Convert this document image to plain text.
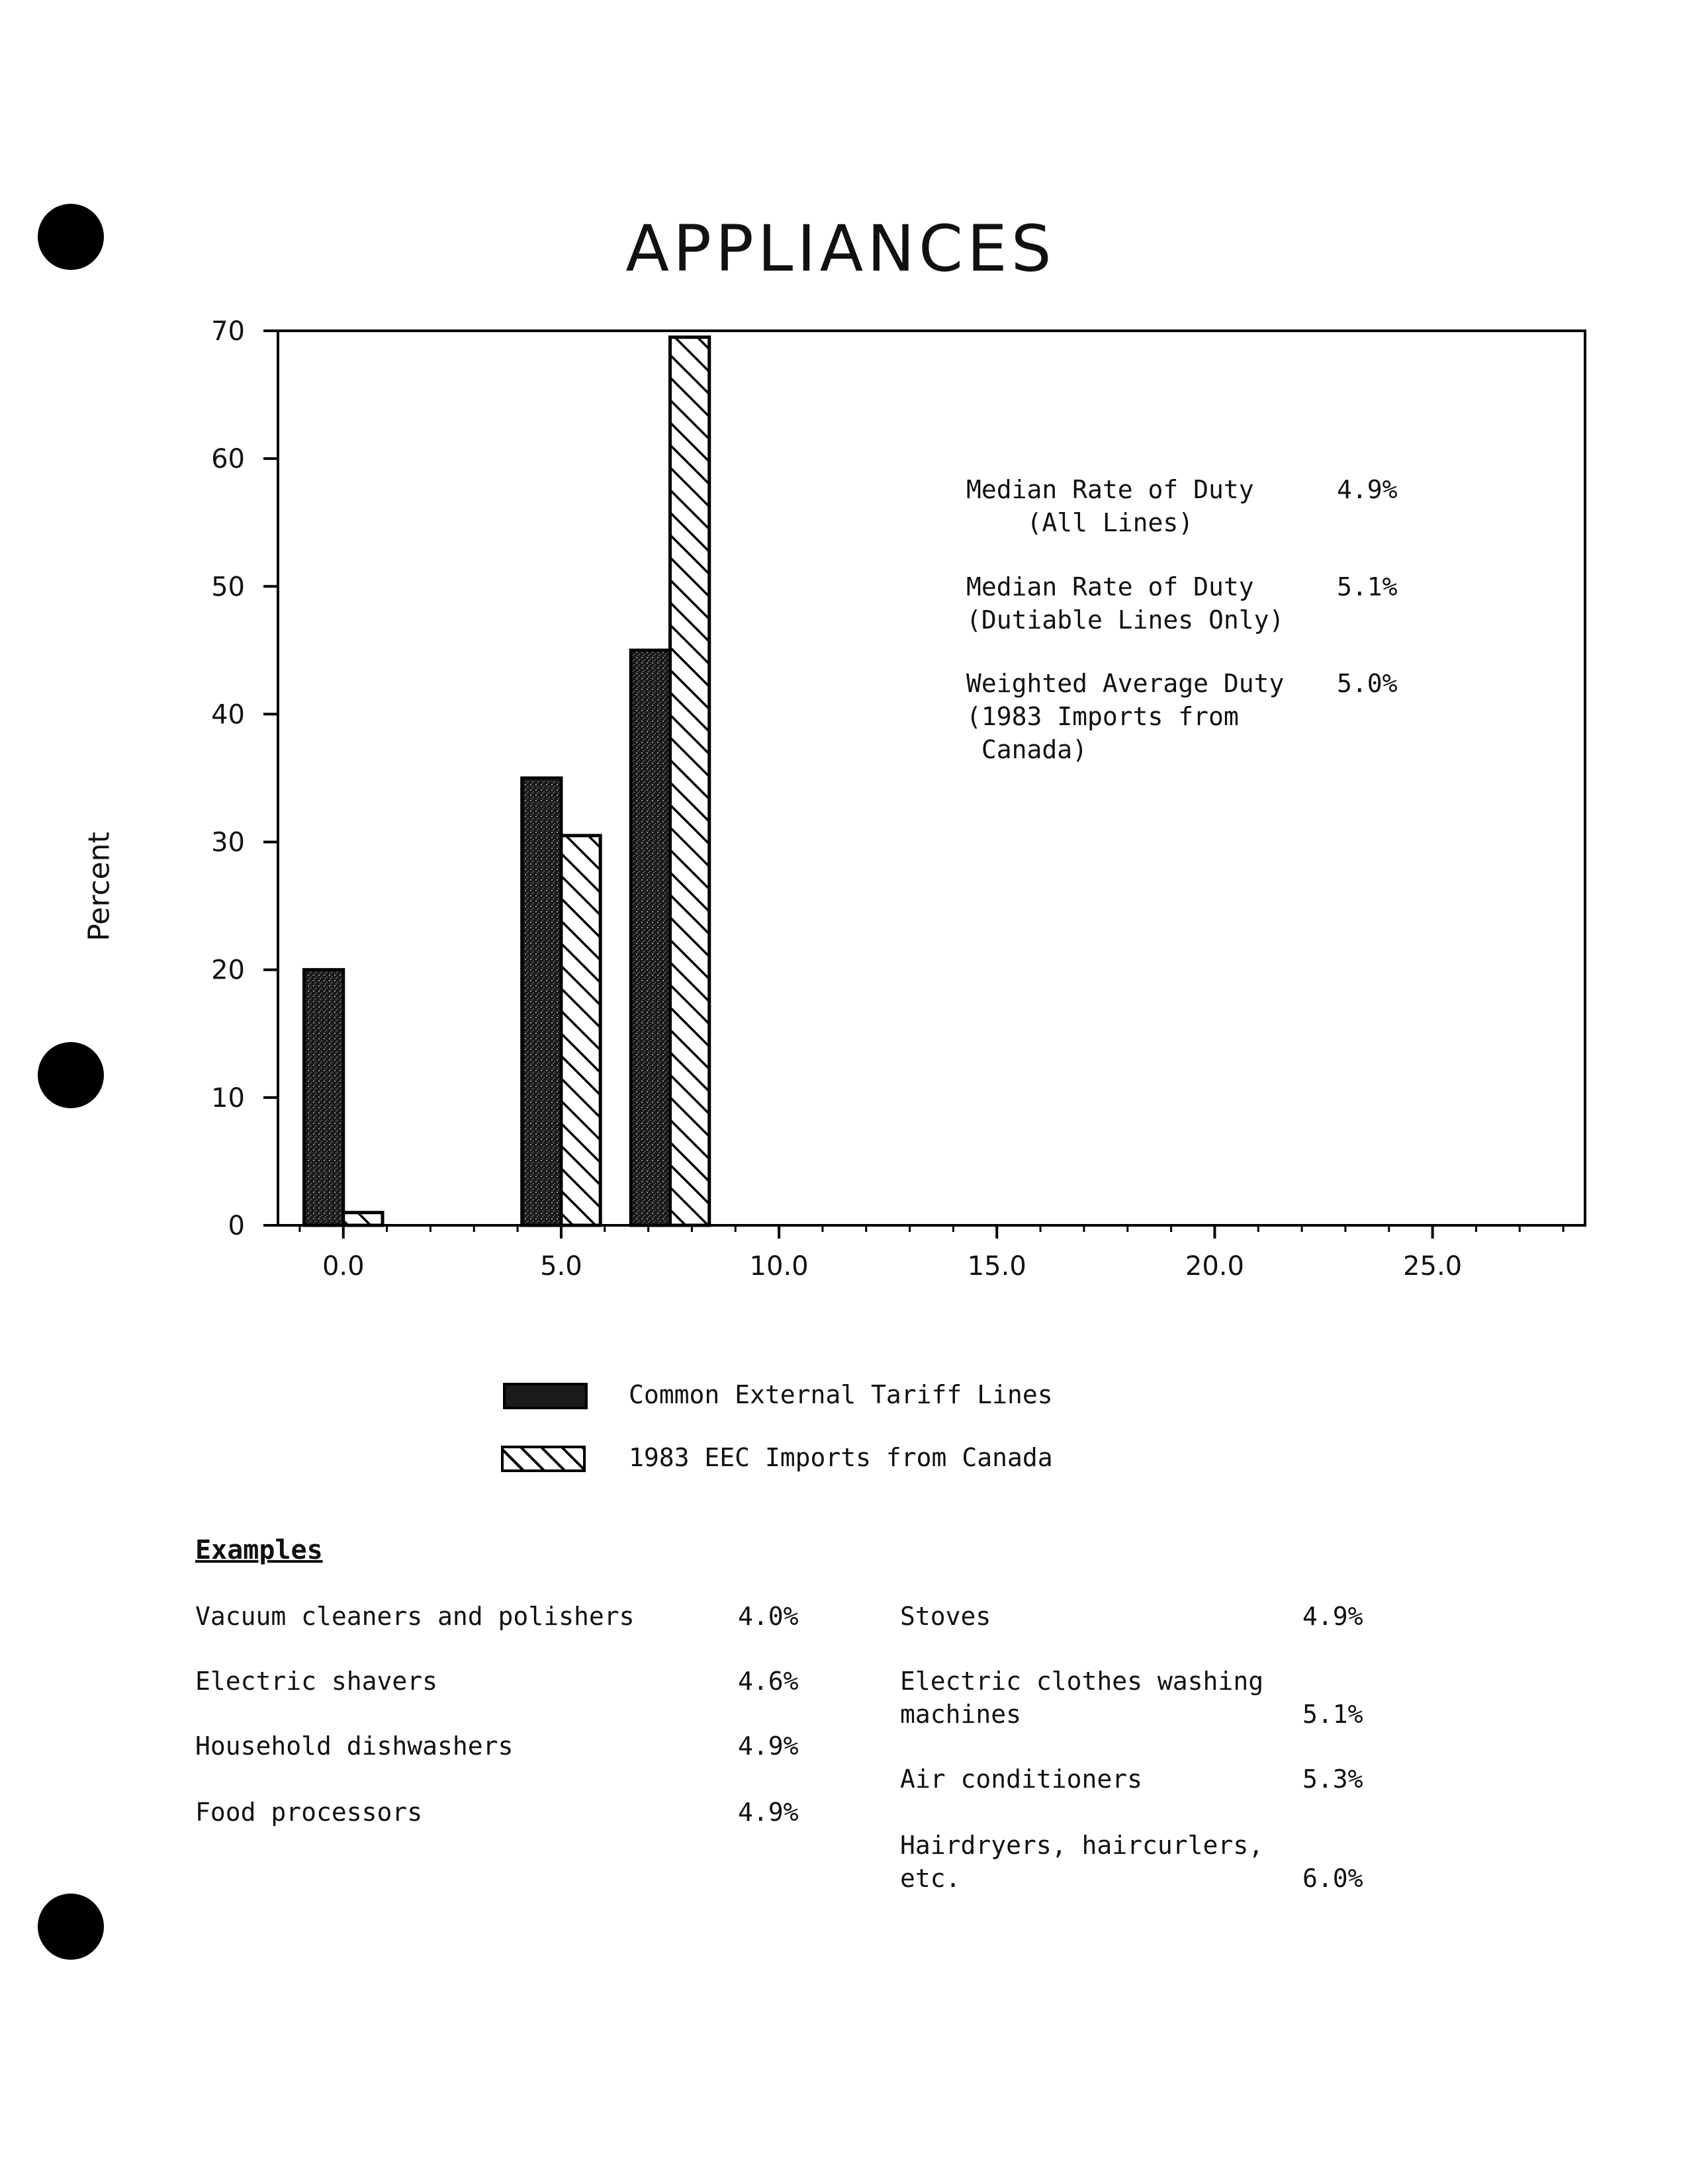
APPLIANCES
Percent
0
10
20
30
40
50
60
70
0.0	5.0	10.0	15.0	20.0	25.0
Median Rate of Duty
(All Lines)
4.9%
Median Rate of Duty
(Dutiable Lines Only)
5.1%
Weighted Average Duty
(1983 Imports from
Canada)
5.0%
Common External Tariff Lines
1983 EEC Imports from Canada
Examples
Vacuum cleaners and polishers	4.0%
Electric shavers	4.6%
Household dishwashers	4.9%
Food processors	4.9%
Stoves	4.9%
Electric clothes washing
machines	5.1%
Air conditioners	5.3%
Hairdryers, haircurlers,
etc.	6.0%
